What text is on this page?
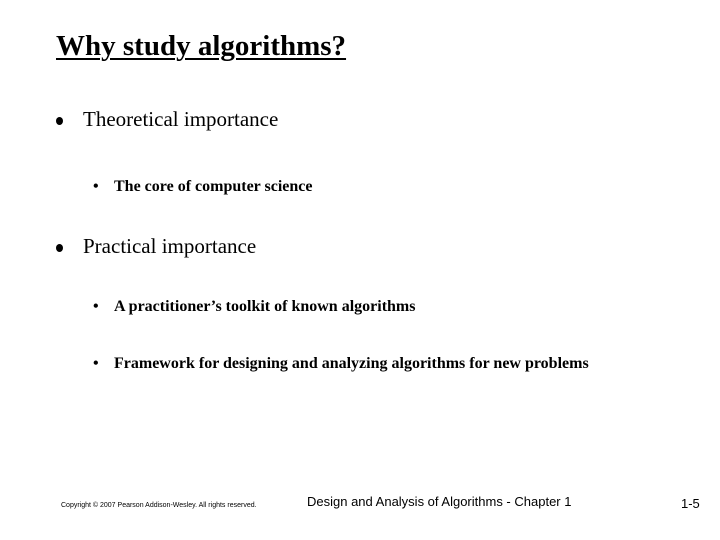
Why study algorithms?
Theoretical importance
• The core of computer science
Practical importance
• A practitioner’s toolkit of known algorithms
• Framework for designing and analyzing algorithms for new problems
Copyright © 2007 Pearson Addison-Wesley. All rights reserved.	Design and Analysis of Algorithms - Chapter 1	1-5
